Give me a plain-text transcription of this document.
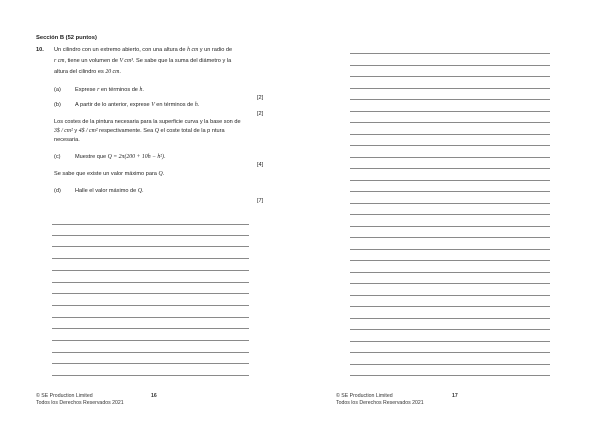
Sección B (52 puntos)
10. Un cilindro con un extremo abierto, con una altura de h cm y un radio de
r cm, tiene un volumen de V cm³. Se sabe que la suma del diámetro y la
altura del cilindro es 20 cm.
(a)	Exprese r en términos de h.
[2]
(b)	A partir de lo anterior, exprese V en términos de h.
[2]
Los costes de la pintura necesaria para la superficie curva y la base son de
3$ / cm² y 4$ / cm² respectivamente. Sea Q el coste total de la p ntura
necesaria.
(c)	Muestre que Q = 2π(200 + 10h − h²).
[4]
Se sabe que existe un valor máximo para Q.
(d)	Halle el valor máximo de Q.
[7]
© SE Production Limited
Todos los Derechos Reservados 2021
16	© SE Production Limited
Todos los Derechos Reservados 2021
17
